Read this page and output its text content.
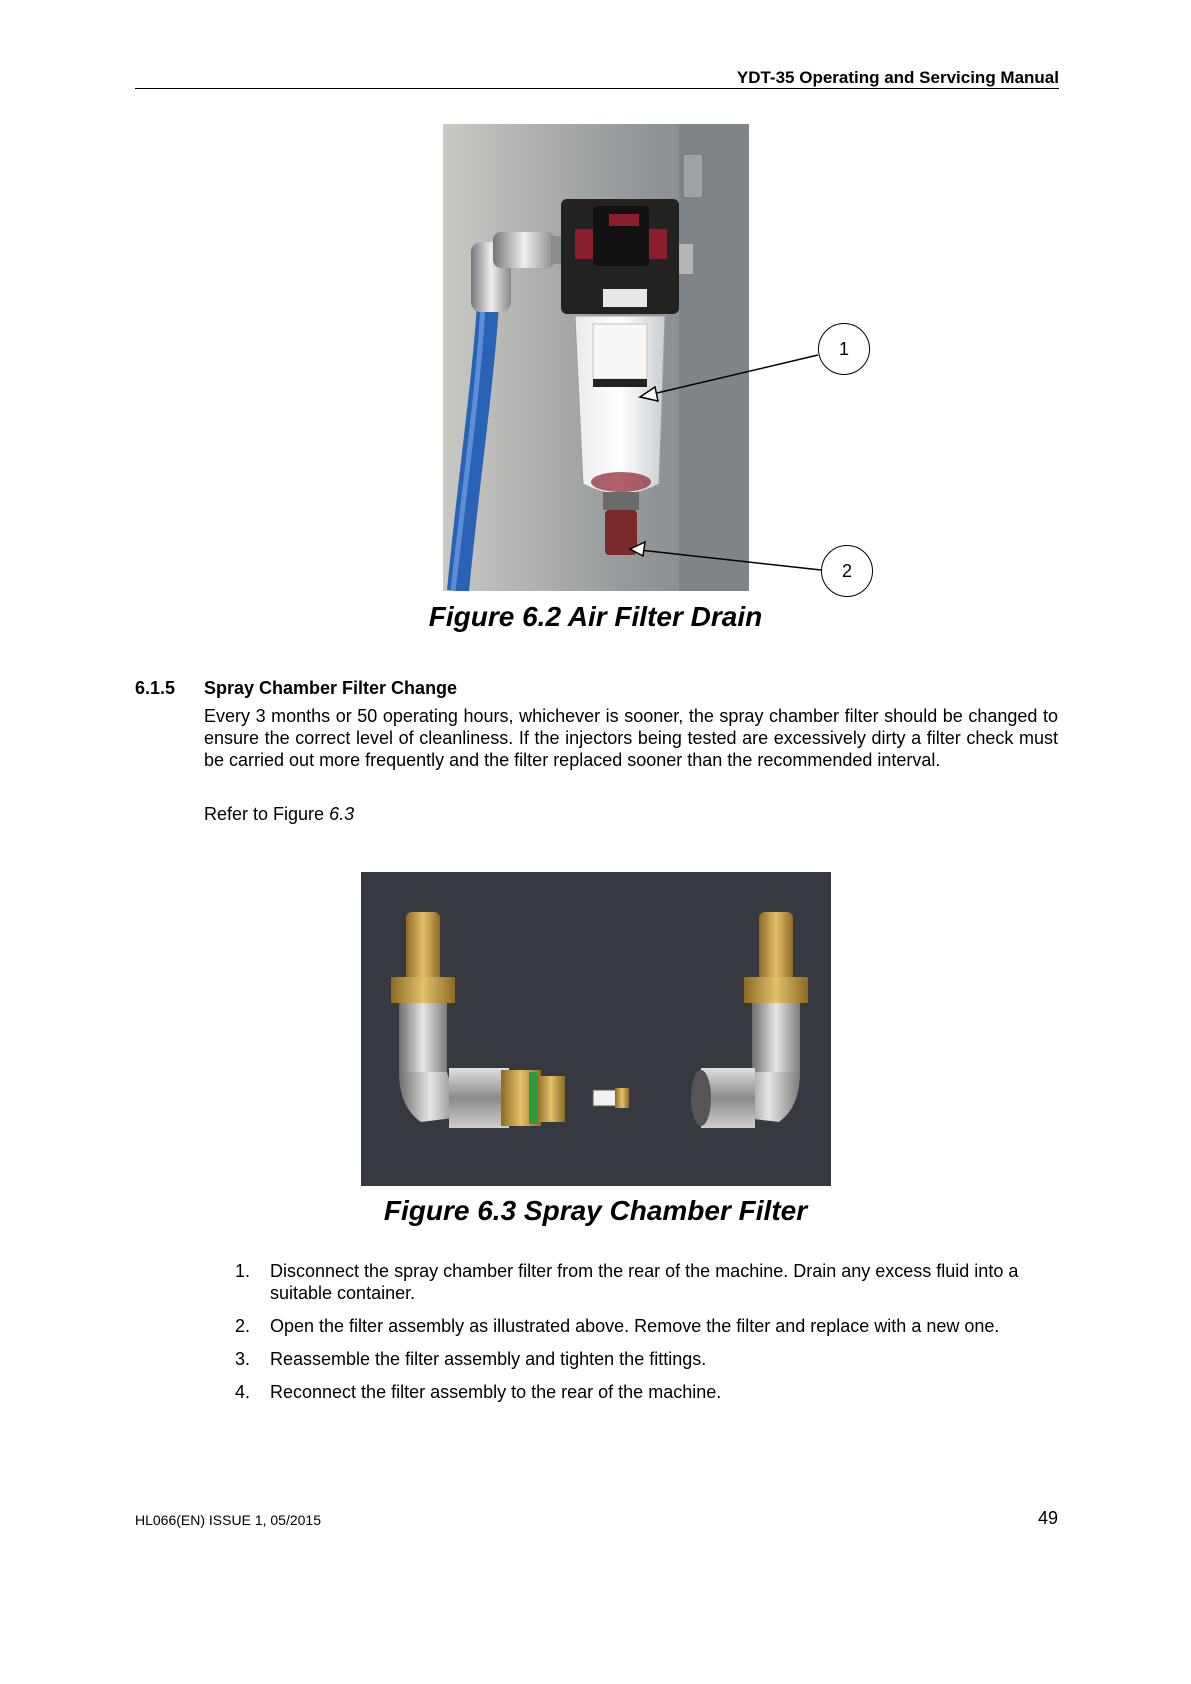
YDT-35 Operating and Servicing Manual
1
2
Figure 6.2 Air Filter Drain
6.1.5 Spray Chamber Filter Change
Every 3 months or 50 operating hours, whichever is sooner, the spray chamber filter should be changed to ensure the correct level of cleanliness. If the injectors being tested are excessively dirty a filter check must be carried out more frequently and the filter replaced sooner than the recommended interval.
Refer to Figure 6.3
Figure 6.3 Spray Chamber Filter
1.	Disconnect the spray chamber filter from the rear of the machine. Drain any excess fluid into a suitable container.
2.	Open the filter assembly as illustrated above. Remove the filter and replace with a new one.
3.	Reassemble the filter assembly and tighten the fittings.
4.	Reconnect the filter assembly to the rear of the machine.
HL066(EN) ISSUE 1, 05/2015	49
